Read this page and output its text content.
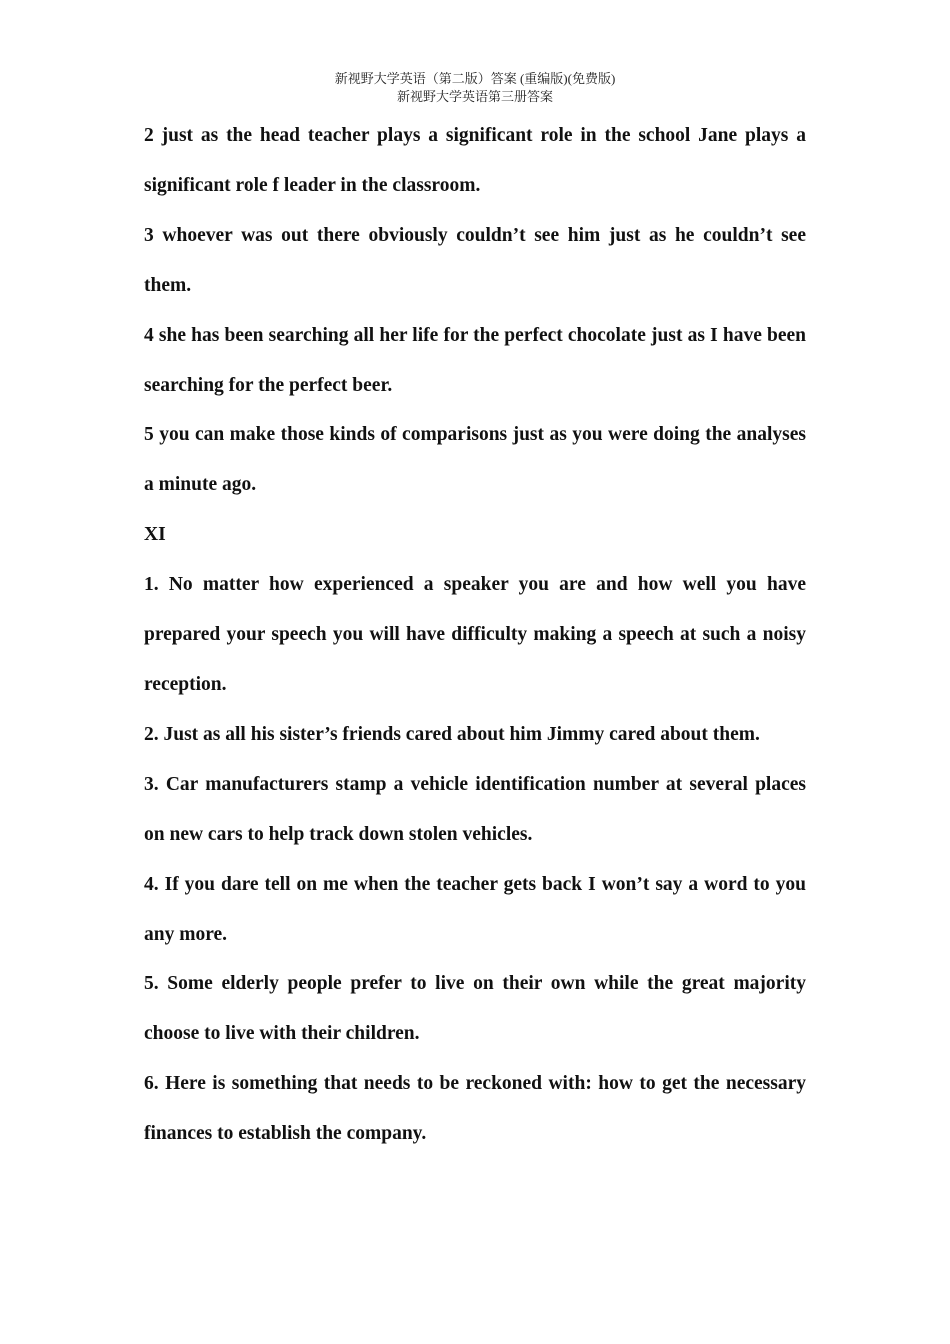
新视野大学英语（第二版）答案 (重编版)(免费版)
新视野大学英语第三册答案

2 just as the head teacher plays a significant role in the school Jane plays a significant role f leader in the classroom.

3 whoever was out there obviously couldn’t see him just as he couldn’t see them.

4 she has been searching all her life for the perfect chocolate just as I have been searching for the perfect beer.

5 you can make those kinds of comparisons just as you were doing the analyses a minute ago.

XI

1. No matter how experienced a speaker you are and how well you have prepared your speech you will have difficulty making a speech at such a noisy reception.

2. Just as all his sister’s friends cared about him Jimmy cared about them.

3. Car manufacturers stamp a vehicle identification number at several places on new cars to help track down stolen vehicles.

4. If you dare tell on me when the teacher gets back I won’t say a word to you any more.

5. Some elderly people prefer to live on their own while the great majority choose to live with their children.

6. Here is something that needs to be reckoned with: how to get the necessary finances to establish the company.
